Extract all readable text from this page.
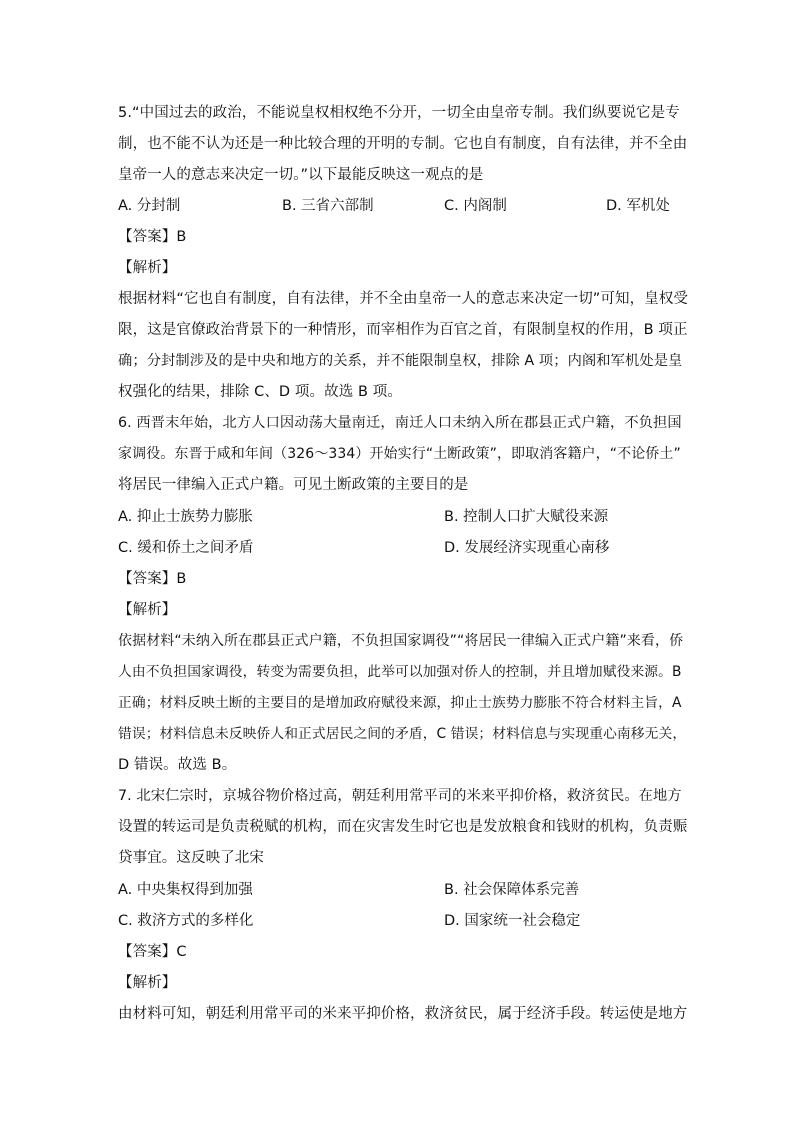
5.“中国过去的政治，不能说皇权相权绝不分开，一切全由皇帝专制。我们纵要说它是专
制，也不能不认为还是一种比较合理的开明的专制。它也自有制度，自有法律，并不全由
皇帝一人的意志来决定一切。”以下最能反映这一观点的是
A. 分封制	B. 三省六部制	C. 内阁制	D. 军机处
【答案】B
【解析】
根据材料“它也自有制度，自有法律，并不全由皇帝一人的意志来决定一切”可知，皇权受
限，这是官僚政治背景下的一种情形，而宰相作为百官之首，有限制皇权的作用，B 项正
确；分封制涉及的是中央和地方的关系，并不能限制皇权，排除 A 项；内阁和军机处是皇
权强化的结果，排除 C、D 项。故选 B 项。
6. 西晋末年始，北方人口因动荡大量南迁，南迁人口未纳入所在郡县正式户籍，不负担国
家调役。东晋于咸和年间（326～334）开始实行“土断政策”，即取消客籍户，“不论侨土”
将居民一律编入正式户籍。可见土断政策的主要目的是
A. 抑止士族势力膨胀	B. 控制人口扩大赋役来源
C. 缓和侨土之间矛盾	D. 发展经济实现重心南移
【答案】B
【解析】
依据材料“未纳入所在郡县正式户籍，不负担国家调役”“将居民一律编入正式户籍”来看，侨
人由不负担国家调役，转变为需要负担，此举可以加强对侨人的控制，并且增加赋役来源。B
正确；材料反映土断的主要目的是增加政府赋役来源，抑止士族势力膨胀不符合材料主旨，A
错误；材料信息未反映侨人和正式居民之间的矛盾，C 错误；材料信息与实现重心南移无关，
D 错误。故选 B。
7. 北宋仁宗时，京城谷物价格过高，朝廷利用常平司的米来平抑价格，救济贫民。在地方
设置的转运司是负责税赋的机构，而在灾害发生时它也是发放粮食和钱财的机构，负责赈
贷事宜。这反映了北宋
A. 中央集权得到加强	B. 社会保障体系完善
C. 救济方式的多样化	D. 国家统一社会稳定
【答案】C
【解析】
由材料可知，朝廷利用常平司的米来平抑价格，救济贫民，属于经济手段。转运使是地方
